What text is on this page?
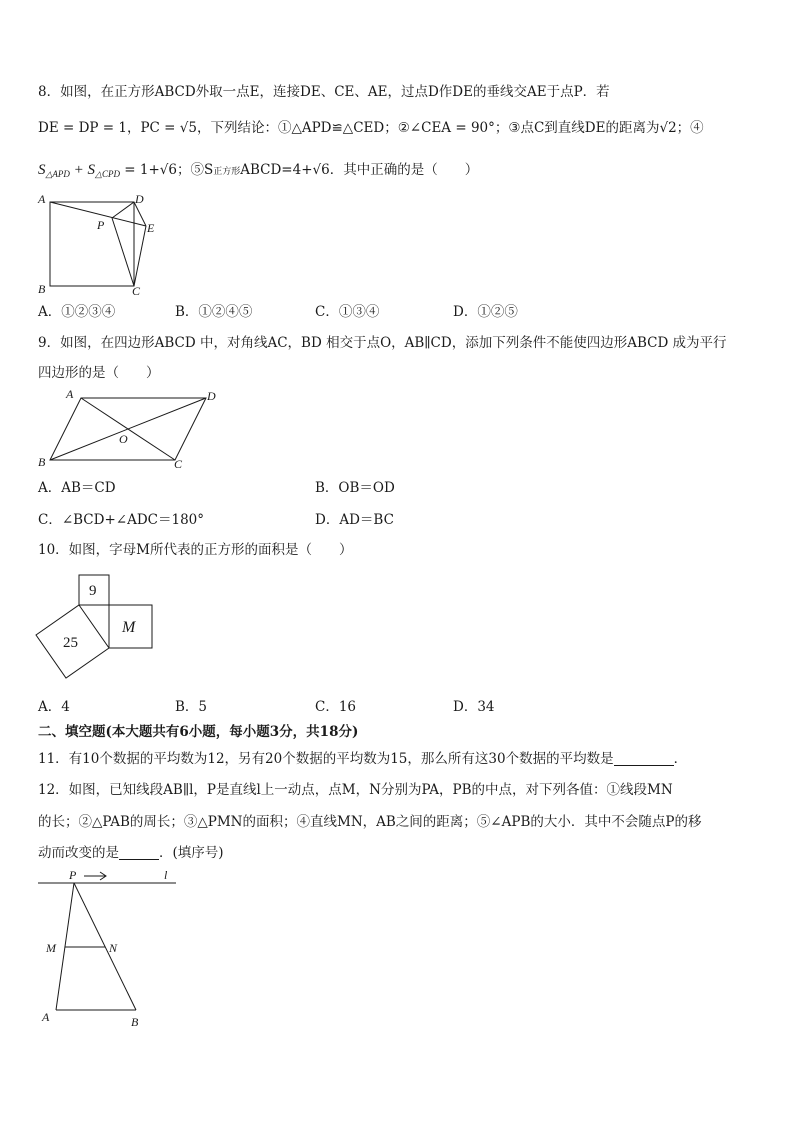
8．如图，在正方形ABCD外取一点E，连接DE、CE、AE，过点D作DE的垂线交AE于点P．若
DE = DP = 1，PC = √5，下列结论：①△APD≌△CED；②∠CEA = 90°；③点C到直线DE的距离为√2；④
$S_{\triangle APD} + S_{\triangle CPD} = 1+√6$；⑤S正方形ABCD=4+√6．其中正确的是（　　）
A
B	C
D
E
P
A．①②③④	B．①②④⑤	C．①③④	D．①②⑤
9．如图，在四边形ABCD 中，对角线AC，BD 相交于点O，AB∥CD，添加下列条件不能使四边形ABCD 成为平行
四边形的是（　　）
A
B	C
D
O
A．AB＝CD	B．OB＝OD
C．∠BCD+∠ADC＝180°	D．AD＝BC
10．如图，字母M所代表的正方形的面积是（　　）
9
25
M
A．4	B．5	C．16	D．34
二、填空题(本大题共有6小题，每小题3分，共18分)
11．有10个数据的平均数为12，另有20个数据的平均数为15，那么所有这30个数据的平均数是	．
12．如图，已知线段AB∥l，P是直线l上一动点，点M，N分别为PA，PB的中点，对下列各值：①线段MN
的长；②△PAB的周长；③△PMN的面积；④直线MN，AB之间的距离；⑤∠APB的大小．其中不会随点P的移
动而改变的是	．(填序号)
P	l
M	N
A	B
